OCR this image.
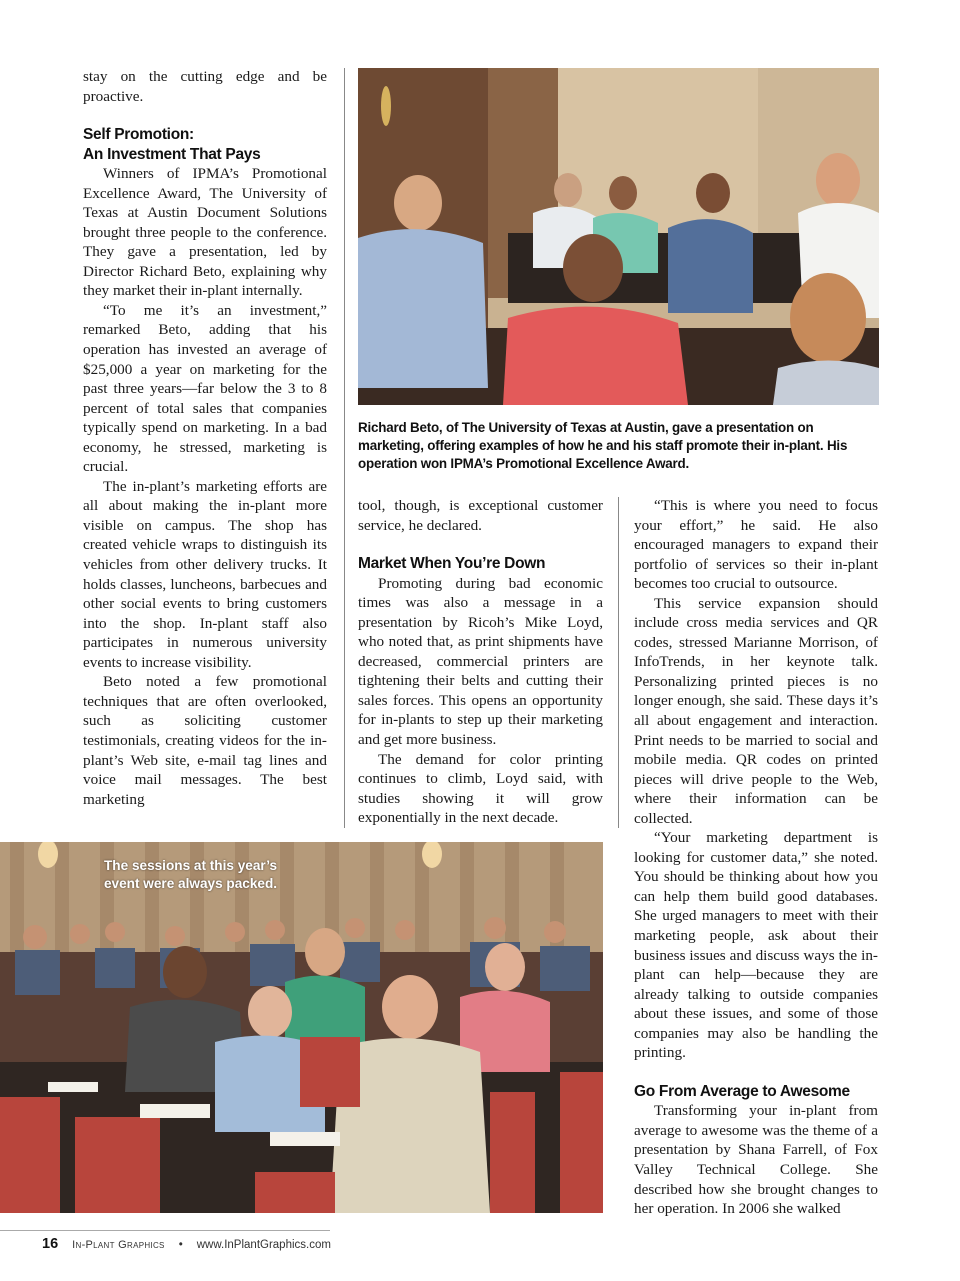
stay on the cutting edge and be proactive.

Self Promotion:
An Investment That Pays

Winners of IPMA’s Promotional Excellence Award, The University of Texas at Austin Document Solutions brought three people to the conference. They gave a presentation, led by Director Richard Beto, explaining why they market their in-plant internally.

“To me it’s an investment,” remarked Beto, adding that his operation has invested an average of $25,000 a year on marketing for the past three years—far below the 3 to 8 percent of total sales that companies typically spend on marketing. In a bad economy, he stressed, marketing is crucial.

The in-plant’s marketing efforts are all about making the in-plant more visible on campus. The shop has created vehicle wraps to distinguish its vehicles from other delivery trucks. It holds classes, luncheons, barbecues and other social events to bring customers into the shop. In-plant staff also participates in numerous university events to increase visibility.

Beto noted a few promotional techniques that are often overlooked, such as soliciting customer testimonials, creating videos for the in-plant’s Web site, e-mail tag lines and voice mail messages. The best marketing

Richard Beto, of The University of Texas at Austin, gave a presentation on marketing, offering examples of how he and his staff promote their in-plant. His operation won IPMA’s Promotional Excellence Award.

tool, though, is exceptional customer service, he declared.

Market When You’re Down

Promoting during bad economic times was also a message in a presentation by Ricoh’s Mike Loyd, who noted that, as print shipments have decreased, commercial printers are tightening their belts and cutting their sales forces. This opens an opportunity for in-plants to step up their marketing and get more business.

The demand for color printing continues to climb, Loyd said, with studies showing it will grow exponentially in the next decade.

“This is where you need to focus your effort,” he said. He also encouraged managers to expand their portfolio of services so their in-plant becomes too crucial to outsource.

This service expansion should include cross media services and QR codes, stressed Marianne Morrison, of InfoTrends, in her keynote talk. Personalizing printed pieces is no longer enough, she said. These days it’s all about engagement and interaction. Print needs to be married to social and mobile media. QR codes on printed pieces will drive people to the Web, where their information can be collected.

“Your marketing department is looking for customer data,” she noted. You should be thinking about how you can help them build good databases. She urged managers to meet with their marketing people, ask about their business issues and discuss ways the in-plant can help—because they are already talking to outside companies about these issues, and some of those companies may also be handling the printing.

Go From Average to Awesome

Transforming your in-plant from average to awesome was the theme of a presentation by Shana Farrell, of Fox Valley Technical College. She described how she brought changes to her operation. In 2006 she walked

The sessions at this year’s event were always packed.
16 In-Plant Graphics • www.InPlantGraphics.com
